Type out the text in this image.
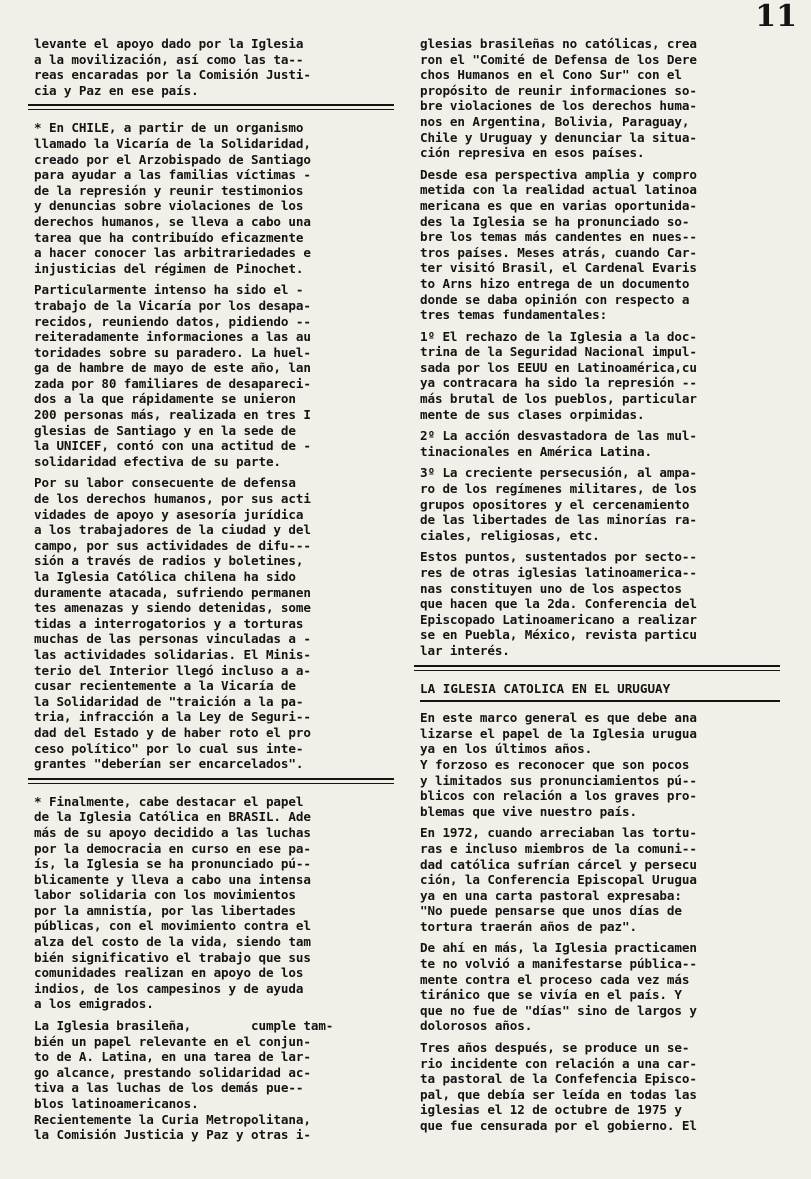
11

levante el apoyo dado por la Iglesia
a la movilización, así como las ta--
reas encaradas por la Comisión Justi-
cia y Paz en ese país.

* En CHILE, a partir de un organismo
llamado la Vicaría de la Solidaridad,
creado por el Arzobispado de Santiago
para ayudar a las familias víctimas -
de la represión y reunir testimonios
y denuncias sobre violaciones de los
derechos humanos, se lleva a cabo una
tarea que ha contribuído eficazmente
a hacer conocer las arbitrariedades e
injusticias del régimen de Pinochet.

Particularmente intenso ha sido el -
trabajo de la Vicaría por los desapa-
recidos, reuniendo datos, pidiendo --
reiteradamente informaciones a las au
toridades sobre su paradero. La huel-
ga de hambre de mayo de este año, lan
zada por 80 familiares de desapareci-
dos a la que rápidamente se unieron
200 personas más, realizada en tres I
glesias de Santiago y en la sede de
la UNICEF, contó con una actitud de -
solidaridad efectiva de su parte.

Por su labor consecuente de defensa
de los derechos humanos, por sus acti
vidades de apoyo y asesoría jurídica
a los trabajadores de la ciudad y del
campo, por sus actividades de difu---
sión a través de radios y boletines,
la Iglesia Católica chilena ha sido
duramente atacada, sufriendo permanen
tes amenazas y siendo detenidas, some
tidas a interrogatorios y a torturas
muchas de las personas vinculadas a -
las actividades solidarias. El Minis-
terio del Interior llegó incluso a a-
cusar recientemente a la Vicaría de
la Solidaridad de "traición a la pa-
tria, infracción a la Ley de Seguri--
dad del Estado y de haber roto el pro
ceso político" por lo cual sus inte-
grantes "deberían ser encarcelados".

* Finalmente, cabe destacar el papel
de la Iglesia Católica en BRASIL. Ade
más de su apoyo decidido a las luchas
por la democracia en curso en ese pa-
ís, la Iglesia se ha pronunciado pú--
blicamente y lleva a cabo una intensa
labor solidaria con los movimientos
por la amnistía, por las libertades
públicas, con el movimiento contra el
alza del costo de la vida, siendo tam
bién significativo el trabajo que sus
comunidades realizan en apoyo de los
indios, de los campesinos y de ayuda
a los emigrados.

La Iglesia brasileña,        cumple tam-
bién un papel relevante en el conjun-
to de A. Latina, en una tarea de lar-
go alcance, prestando solidaridad ac-
tiva a las luchas de los demás pue--
blos latinoamericanos.
Recientemente la Curia Metropolitana,
la Comisión Justicia y Paz y otras i-

glesias brasileñas no católicas, crea
ron el "Comité de Defensa de los Dere
chos Humanos en el Cono Sur" con el
propósito de reunir informaciones so-
bre violaciones de los derechos huma-
nos en Argentina, Bolivia, Paraguay,
Chile y Uruguay y denunciar la situa-
ción represiva en esos países.

Desde esa perspectiva amplia y compro
metida con la realidad actual latinoa
mericana es que en varias oportunida-
des la Iglesia se ha pronunciado so-
bre los temas más candentes en nues--
tros países. Meses atrás, cuando Car-
ter visitó Brasil, el Cardenal Evaris
to Arns hizo entrega de un documento
donde se daba opinión con respecto a
tres temas fundamentales:

1º El rechazo de la Iglesia a la doc-
trina de la Seguridad Nacional impul-
sada por los EEUU en Latinoamérica,cu
ya contracara ha sido la represión --
más brutal de los pueblos, particular
mente de sus clases orpimidas.

2º La acción desvastadora de las mul-
tinacionales en América Latina.

3º La creciente persecusión, al ampa-
ro de los regímenes militares, de los
grupos opositores y el cercenamiento
de las libertades de las minorías ra-
ciales, religiosas, etc.

Estos puntos, sustentados por secto--
res de otras iglesias latinoamerica--
nas constituyen uno de los aspectos
que hacen que la 2da. Conferencia del
Episcopado Latinoamericano a realizar
se en Puebla, México, revista particu
lar interés.

LA IGLESIA CATOLICA EN EL URUGUAY

En este marco general es que debe ana
lizarse el papel de la Iglesia urugua
ya en los últimos años.
Y forzoso es reconocer que son pocos
y limitados sus pronunciamientos pú--
blicos con relación a los graves pro-
blemas que vive nuestro país.

En 1972, cuando arreciaban las tortu-
ras e incluso miembros de la comuni--
dad católica sufrían cárcel y persecu
ción, la Conferencia Episcopal Urugua
ya en una carta pastoral expresaba:
"No puede pensarse que unos días de
tortura traerán años de paz".

De ahí en más, la Iglesia practicamen
te no volvió a manifestarse pública--
mente contra el proceso cada vez más
tiránico que se vivía en el país. Y
que no fue de "días" sino de largos y
dolorosos años.

Tres años después, se produce un se-
rio incidente con relación a una car-
ta pastoral de la Confefencia Episco-
pal, que debía ser leída en todas las
iglesias el 12 de octubre de 1975 y
que fue censurada por el gobierno. El
